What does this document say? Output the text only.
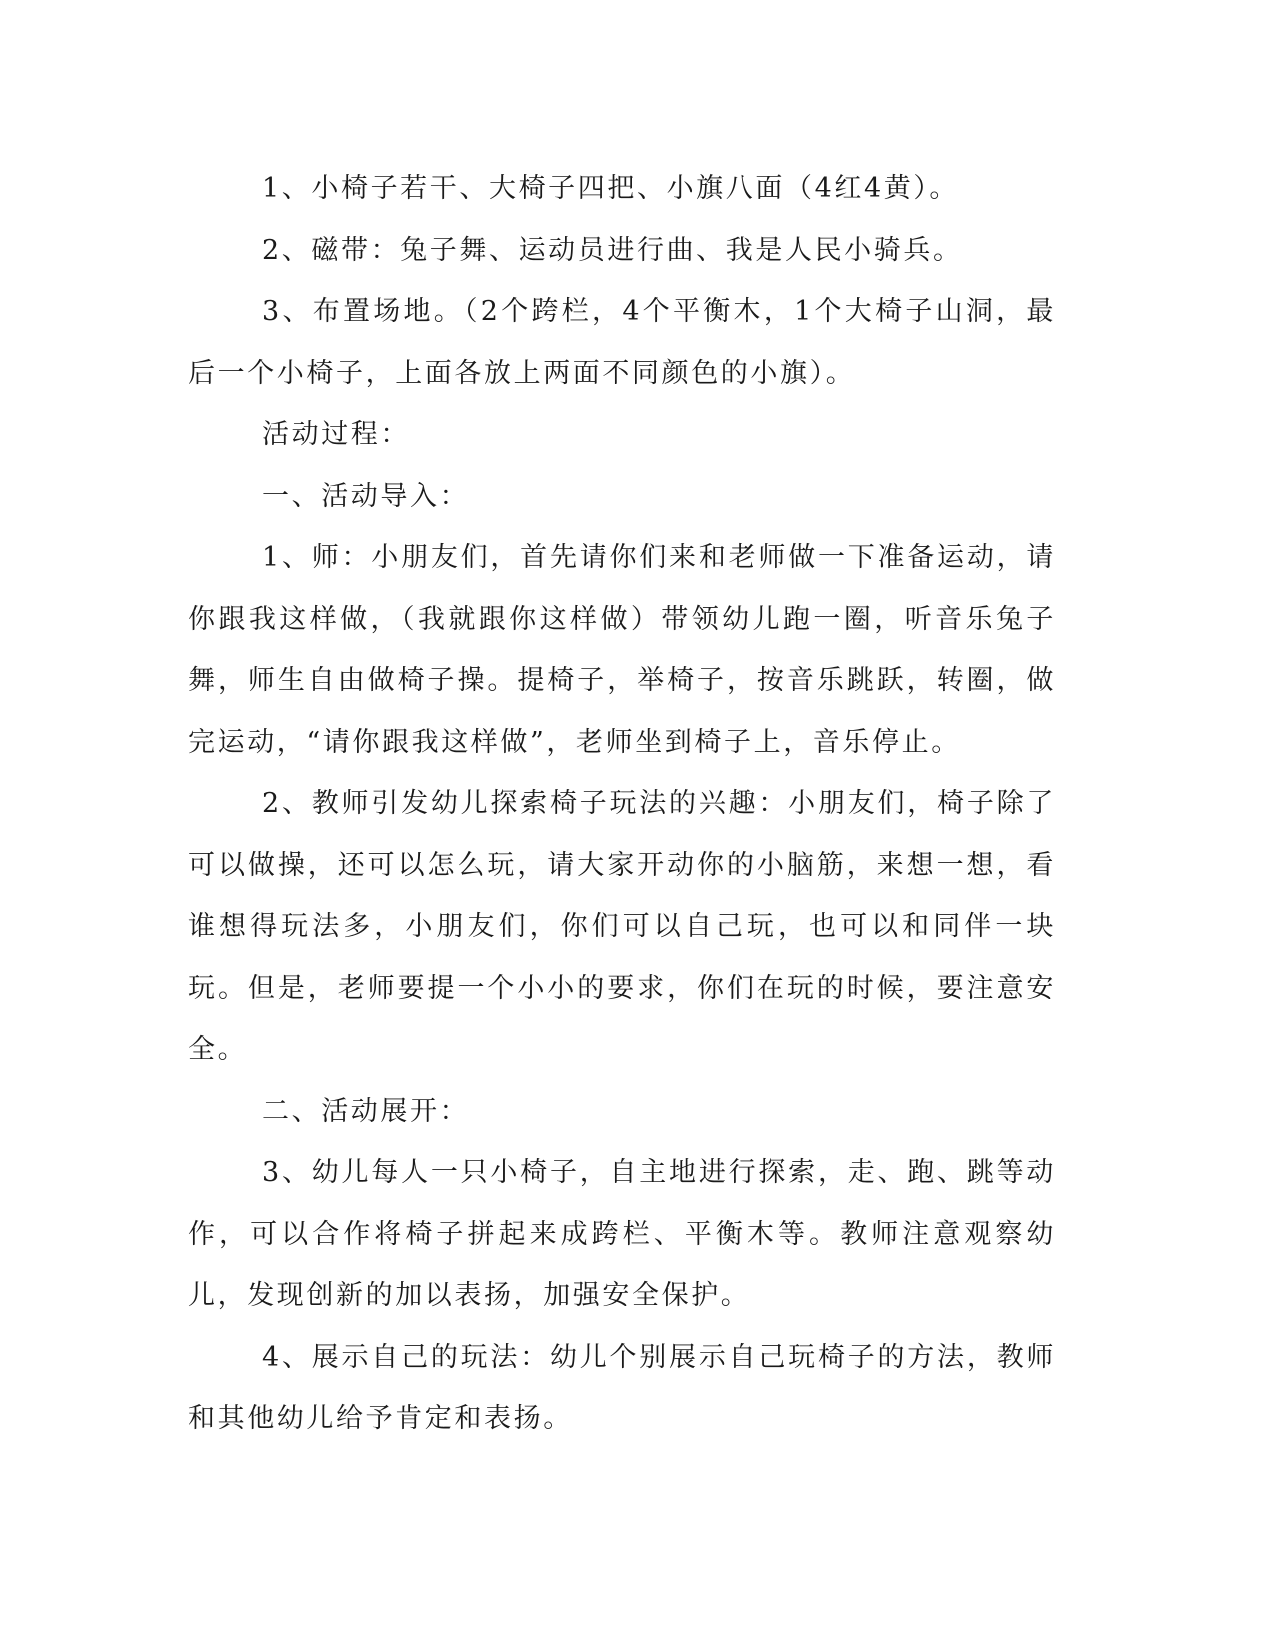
1、小椅子若干、大椅子四把、小旗八面（4红4黄）。

2、磁带：兔子舞、运动员进行曲、我是人民小骑兵。

3、布置场地。（2个跨栏，4个平衡木，1个大椅子山洞，最后一个小椅子，上面各放上两面不同颜色的小旗）。

活动过程：

一、活动导入：

1、师：小朋友们，首先请你们来和老师做一下准备运动，请你跟我这样做，（我就跟你这样做）带领幼儿跑一圈，听音乐兔子舞，师生自由做椅子操。提椅子，举椅子，按音乐跳跃，转圈，做完运动，“请你跟我这样做”，老师坐到椅子上，音乐停止。

2、教师引发幼儿探索椅子玩法的兴趣：小朋友们，椅子除了可以做操，还可以怎么玩，请大家开动你的小脑筋，来想一想，看谁想得玩法多，小朋友们，你们可以自己玩，也可以和同伴一块玩。但是，老师要提一个小小的要求，你们在玩的时候，要注意安全。

二、活动展开：

3、幼儿每人一只小椅子，自主地进行探索，走、跑、跳等动作，可以合作将椅子拼起来成跨栏、平衡木等。教师注意观察幼儿，发现创新的加以表扬，加强安全保护。

4、展示自己的玩法：幼儿个别展示自己玩椅子的方法，教师和其他幼儿给予肯定和表扬。
